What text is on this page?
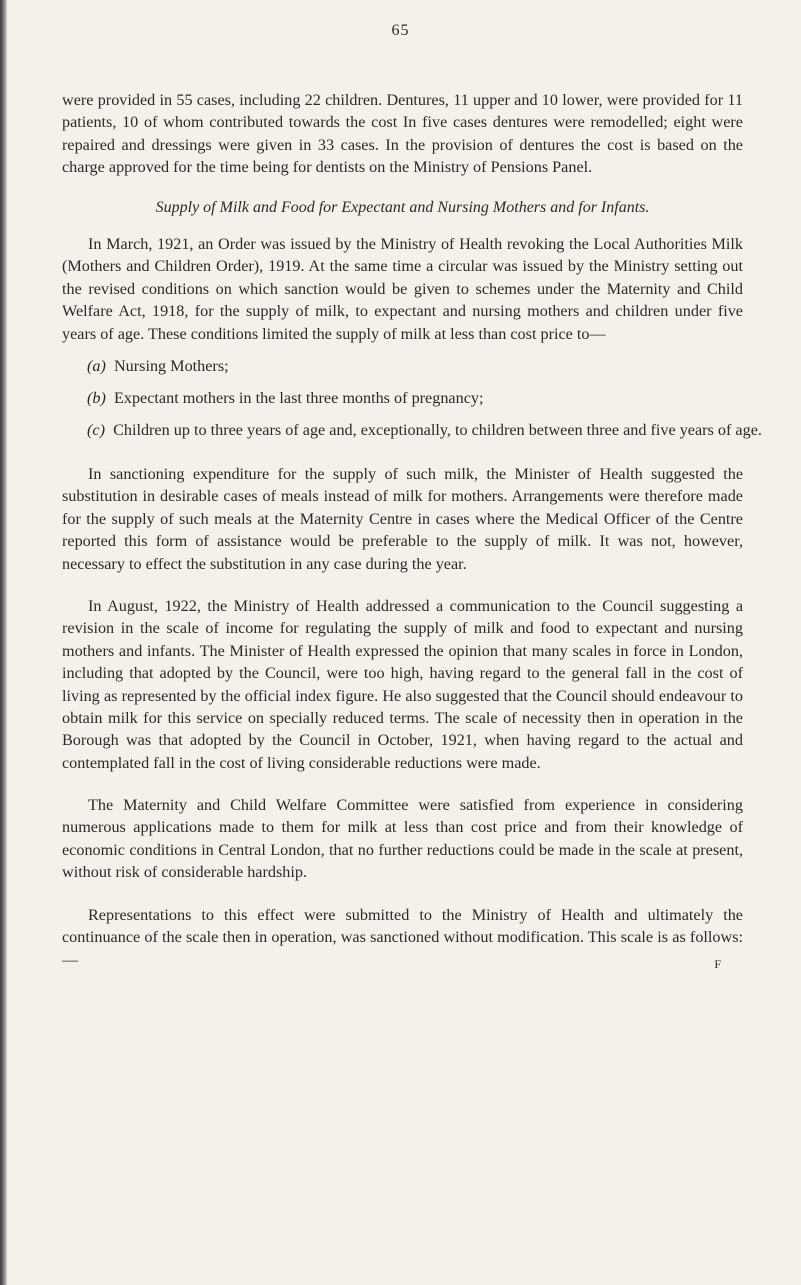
65

were provided in 55 cases, including 22 children. Dentures, 11 upper and 10 lower, were provided for 11 patients, 10 of whom contributed towards the cost In five cases dentures were remodelled; eight were repaired and dressings were given in 33 cases. In the provision of dentures the cost is based on the charge approved for the time being for dentists on the Ministry of Pensions Panel.

Supply of Milk and Food for Expectant and Nursing Mothers and for Infants.

In March, 1921, an Order was issued by the Ministry of Health revoking the Local Authorities Milk (Mothers and Children Order), 1919. At the same time a circular was issued by the Ministry setting out the revised conditions on which sanction would be given to schemes under the Maternity and Child Welfare Act, 1918, for the supply of milk, to expectant and nursing mothers and children under five years of age. These conditions limited the supply of milk at less than cost price to—

(a) Nursing Mothers;
(b) Expectant mothers in the last three months of pregnancy;
(c) Children up to three years of age and, exceptionally, to children between three and five years of age.

In sanctioning expenditure for the supply of such milk, the Minister of Health suggested the substitution in desirable cases of meals instead of milk for mothers. Arrangements were therefore made for the supply of such meals at the Maternity Centre in cases where the Medical Officer of the Centre reported this form of assistance would be preferable to the supply of milk. It was not, however, necessary to effect the substitution in any case during the year.

In August, 1922, the Ministry of Health addressed a communication to the Council suggesting a revision in the scale of income for regulating the supply of milk and food to expectant and nursing mothers and infants. The Minister of Health expressed the opinion that many scales in force in London, including that adopted by the Council, were too high, having regard to the general fall in the cost of living as represented by the official index figure. He also suggested that the Council should endeavour to obtain milk for this service on specially reduced terms. The scale of necessity then in operation in the Borough was that adopted by the Council in October, 1921, when having regard to the actual and contemplated fall in the cost of living considerable reductions were made.

The Maternity and Child Welfare Committee were satisfied from experience in considering numerous applications made to them for milk at less than cost price and from their knowledge of economic conditions in Central London, that no further reductions could be made in the scale at present, without risk of considerable hardship.

Representations to this effect were submitted to the Ministry of Health and ultimately the continuance of the scale then in operation, was sanctioned without modification. This scale is as follows:—	F
